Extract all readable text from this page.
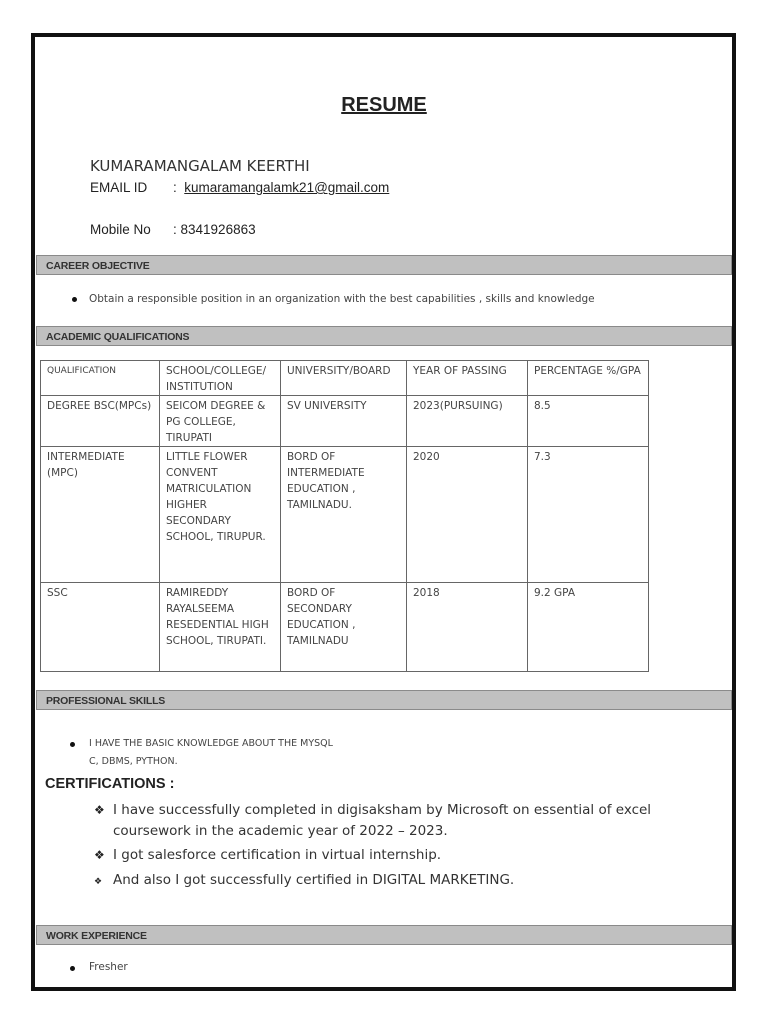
RESUME
KUMARAMANGALAM KEERTHI
EMAIL ID :  kumaramangalamk21@gmail.com
Mobile No : 8341926863
CAREER OBJECTIVE
Obtain a responsible position in an organization with the best capabilities , skills and knowledge
ACADEMIC QUALIFICATIONS
QUALIFICATION	SCHOOL/COLLEGE/ INSTITUTION	UNIVERSITY/BOARD	YEAR OF PASSING	PERCENTAGE %/GPA
DEGREE BSC(MPCs)	SEICOM DEGREE & PG COLLEGE, TIRUPATI	SV UNIVERSITY	2023(PURSUING)	8.5
INTERMEDIATE (MPC)	LITTLE FLOWER CONVENT MATRICULATION HIGHER SECONDARY SCHOOL, TIRUPUR.	BORD OF INTERMEDIATE EDUCATION , TAMILNADU.	2020	7.3
SSC	RAMIREDDY RAYALSEEMA RESEDENTIAL HIGH SCHOOL, TIRUPATI.	BORD OF SECONDARY EDUCATION , TAMILNADU	2018	9.2 GPA
PROFESSIONAL SKILLS
I HAVE THE BASIC KNOWLEDGE ABOUT THE MYSQL
C, DBMS, PYTHON.
CERTIFICATIONS :
❖ I have successfully completed in digisaksham by Microsoft on essential of excel
coursework in the academic year of 2022 – 2023.
❖ I got salesforce certification in virtual internship.
❖ And also I got successfully certified in DIGITAL MARKETING.
WORK EXPERIENCE
Fresher
